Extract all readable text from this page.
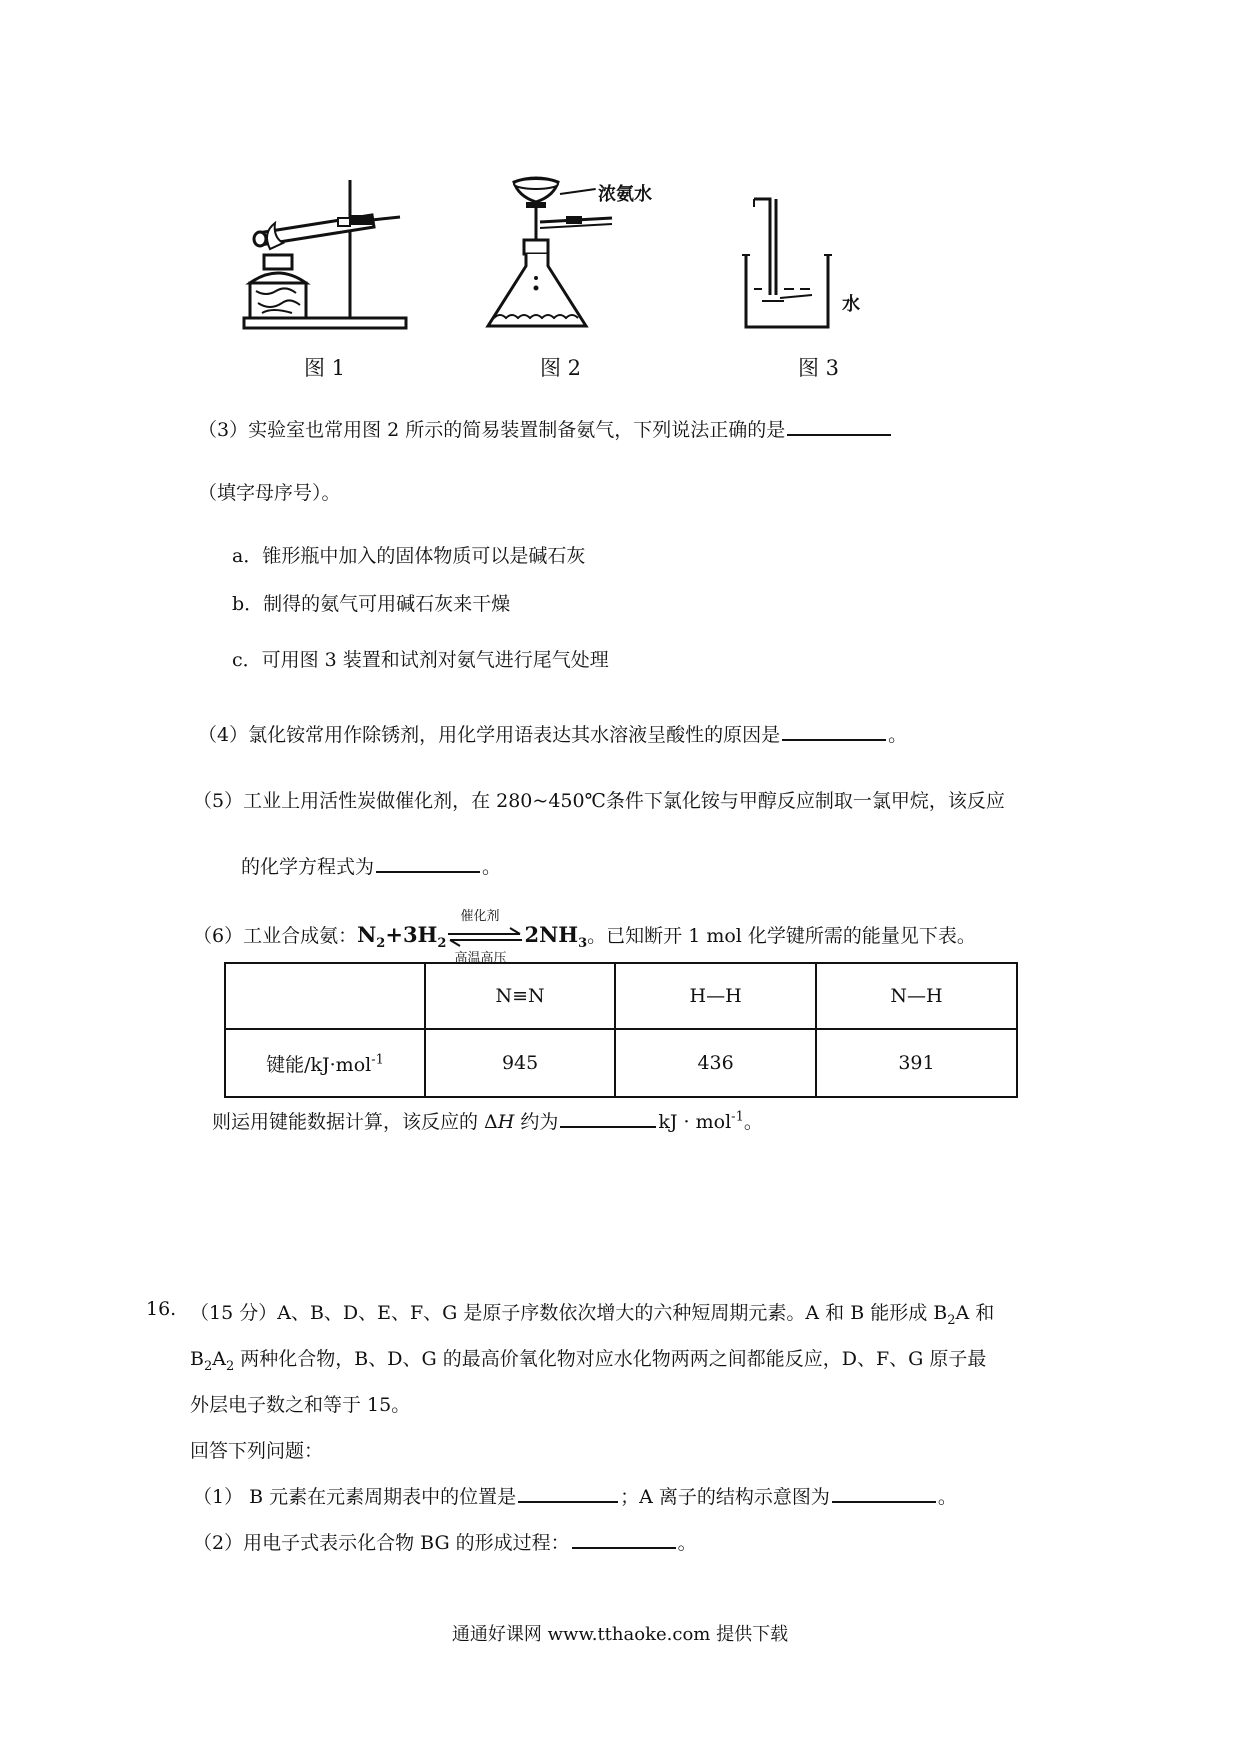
图 1
浓氨水
图 2
水
图 3
（3）实验室也常用图 2 所示的简易装置制备氨气，下列说法正确的是
（填字母序号）。
a．锥形瓶中加入的固体物质可以是碱石灰
b．制得的氨气可用碱石灰来干燥
c．可用图 3 装置和试剂对氨气进行尾气处理
（4）氯化铵常用作除锈剂，用化学用语表达其水溶液呈酸性的原因是	。
（5）工业上用活性炭做催化剂，在 280~450℃条件下氯化铵与甲醇反应制取一氯甲烷，该反应
的化学方程式为	。
（6）工业合成氨：$N_2+3H_2$
催化剂
高温高压
$2NH_3$。已知断开 1 mol 化学键所需的能量见下表。
	N≡N	H—H	N—H
键能/kJ·mol$^{-1}$	945	436	391
则运用键能数据计算，该反应的 ΔH 约为	kJ · mol$^{-1}$。
16. （15 分）A、B、D、E、F、G 是原子序数依次增大的六种短周期元素。A 和 B 能形成 $B_2A$ 和
$B_2A_2$ 两种化合物，B、D、G 的最高价氧化物对应水化物两两之间都能反应，D、F、G 原子最
外层电子数之和等于 15。
回答下列问题：
（1） B 元素在元素周期表中的位置是	；A 离子的结构示意图为	。
（2）用电子式表示化合物 BG 的形成过程：	。
通通好课网 www.tthaoke.com 提供下载
